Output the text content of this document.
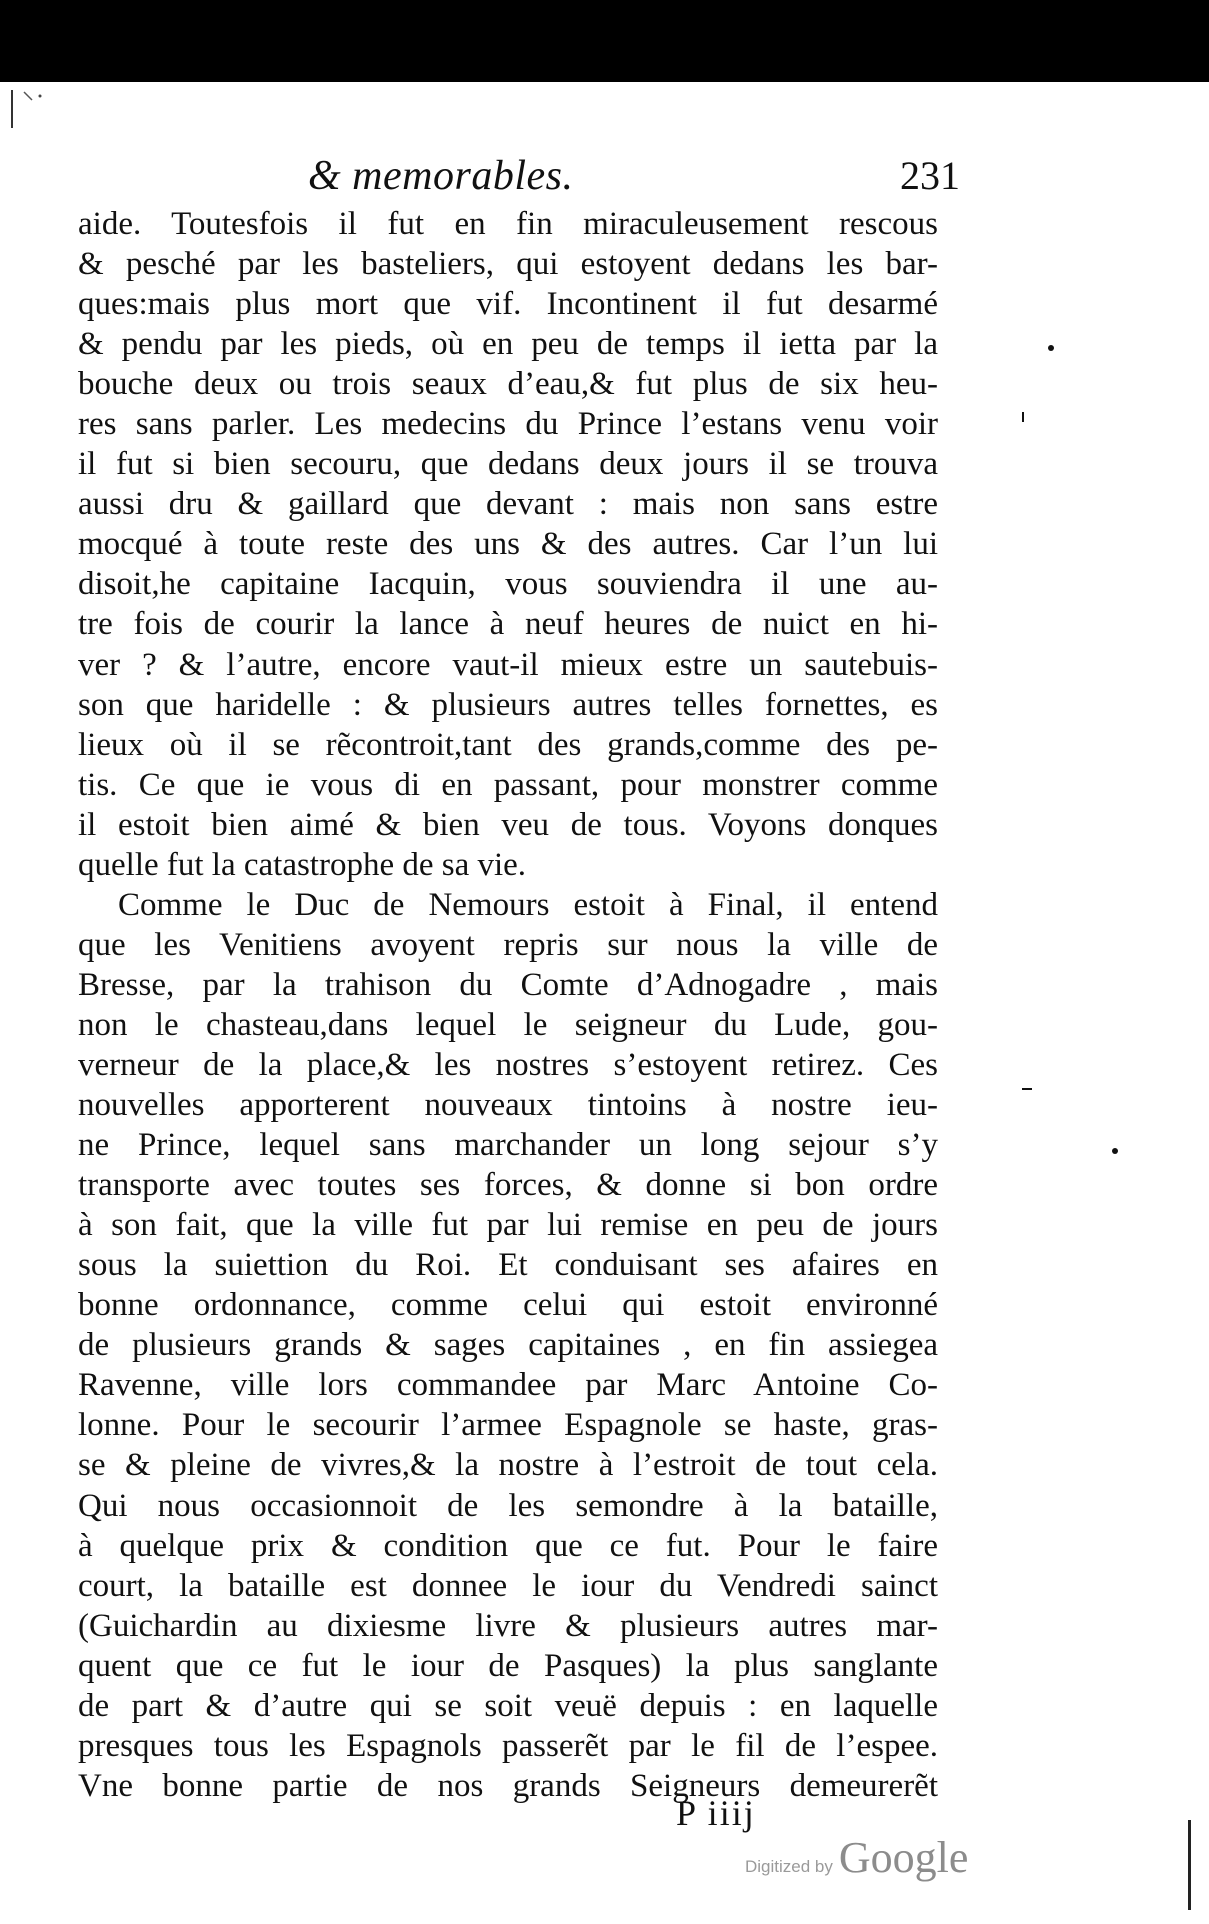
& memorables.	231
aide. Toutesfois il fut en fin miraculeusement rescous
& pesché par les basteliers, qui estoyent dedans les bar-
ques:mais plus mort que vif. Incontinent il fut desarmé
& pendu par les pieds, où en peu de temps il ietta par la
bouche deux ou trois seaux d’eau,& fut plus de six heu-
res sans parler. Les medecins du Prince l’estans venu voir
il fut si bien secouru, que dedans deux jours il se trouva
aussi dru & gaillard que devant : mais non sans estre
mocqué à toute reste des uns & des autres. Car l’un lui
disoit,he capitaine Iacquin, vous souviendra il une au-
tre fois de courir la lance à neuf heures de nuict en hi-
ver ? & l’autre, encore vaut-il mieux estre un sautebuis-
son que haridelle : & plusieurs autres telles fornettes, es
lieux où il se rẽcontroit,tant des grands,comme des pe-
tis. Ce que ie vous di en passant, pour monstrer comme
il estoit bien aimé & bien veu de tous. Voyons donques
quelle fut la catastrophe de sa vie.
Comme le Duc de Nemours estoit à Final, il entend
que les Venitiens avoyent repris sur nous la ville de
Bresse, par la trahison du Comte d’Adnogadre , mais
non le chasteau,dans lequel le seigneur du Lude, gou-
verneur de la place,& les nostres s’estoyent retirez. Ces
nouvelles apporterent nouveaux tintoins à nostre ieu-
ne Prince, lequel sans marchander un long sejour s’y
transporte avec toutes ses forces, & donne si bon ordre
à son fait, que la ville fut par lui remise en peu de jours
sous la suiettion du Roi. Et conduisant ses afaires en
bonne ordonnance, comme celui qui estoit environné
de plusieurs grands & sages capitaines , en fin assiegea
Ravenne, ville lors commandee par Marc Antoine Co-
lonne. Pour le secourir l’armee Espagnole se haste, gras-
se & pleine de vivres,& la nostre à l’estroit de tout cela.
Qui nous occasionnoit de les semondre à la bataille,
à quelque prix & condition que ce fut. Pour le faire
court, la bataille est donnee le iour du Vendredi sainct
(Guichardin au dixiesme livre & plusieurs autres mar-
quent que ce fut le iour de Pasques) la plus sanglante
de part & d’autre qui se soit veuë depuis : en laquelle
presques tous les Espagnols passerẽt par le fil de l’espee.
Vne bonne partie de nos grands Seigneurs demeurerẽt
P iiij
Digitized by Google
